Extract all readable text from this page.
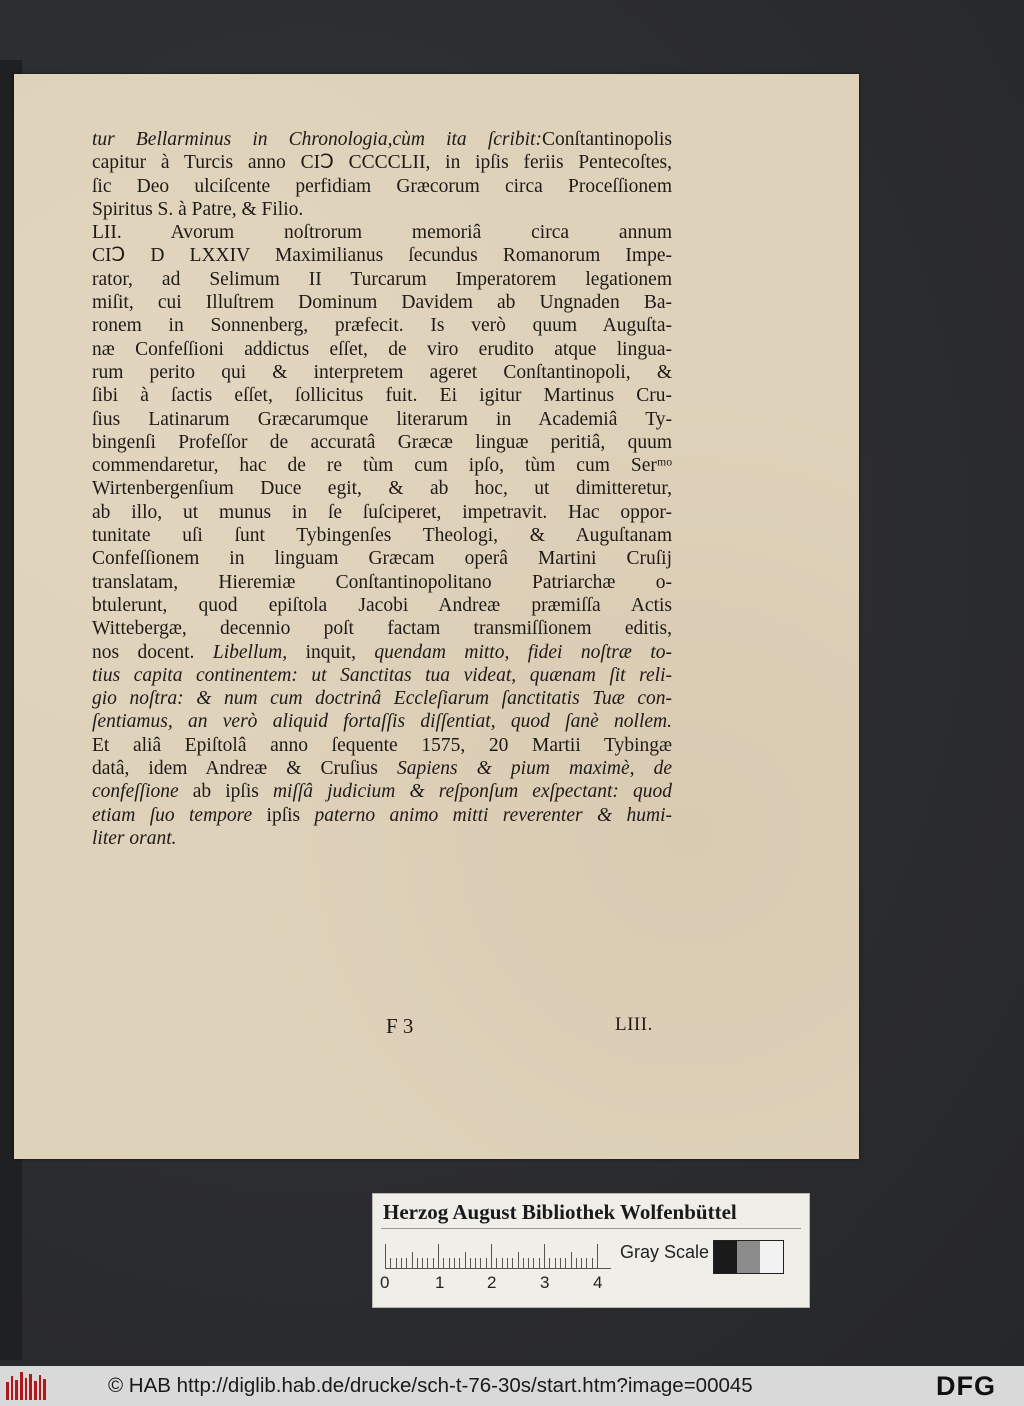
tur Bellarminus in Chronologia,cùm ita ſcribit:Conſtantinopolis
capitur à Turcis anno CIↃ CCCCLII, in ipſis feriis Pentecoſtes,
ſic Deo ulciſcente perfidiam Græcorum circa Proceſſionem
Spiritus S. à Patre, & Filio.
LII. Avorum noſtrorum memoriâ circa annum
CIↃ D LXXIV Maximilianus ſecundus Romanorum Impe-
rator, ad Selimum II Turcarum Imperatorem legationem
miſit, cui Illuſtrem Dominum Davidem ab Ungnaden Ba-
ronem in Sonnenberg, præfecit. Is verò quum Auguſta-
næ Confeſſioni addictus eſſet, de viro erudito atque lingua-
rum perito qui & interpretem ageret Conſtantinopoli, &
ſibi à ſactis eſſet, ſollicitus fuit. Ei igitur Martinus Cru-
ſius Latinarum Græcarumque literarum in Academiâ Ty-
bingenſi Profeſſor de accuratâ Græcæ linguæ peritiâ, quum
commendaretur, hac de re tùm cum ipſo, tùm cum Serᵐᵒ
Wirtenbergenſium Duce egit, & ab hoc, ut dimitteretur,
ab illo, ut munus in ſe ſuſciperet, impetravit. Hac oppor-
tunitate uſi ſunt Tybingenſes Theologi, & Auguſtanam
Confeſſionem in linguam Græcam operâ Martini Cruſij
translatam, Hieremiæ Conſtantinopolitano Patriarchæ o-
btulerunt, quod epiſtola Jacobi Andreæ præmiſſa Actis
Wittebergæ, decennio poſt factam transmiſſionem editis,
nos docent. Libellum, inquit, quendam mitto, fidei noſtræ to-
tius capita continentem: ut Sanctitas tua videat, quænam ſit reli-
gio noſtra: & num cum doctrinâ Eccleſiarum ſanctitatis Tuæ con-
ſentiamus, an verò aliquid fortaſſis diſſentiat, quod ſanè nollem.
Et aliâ Epiſtolâ anno ſequente 1575, 20 Martii Tybingæ
datâ, idem Andreæ & Cruſius Sapiens & pium maximè, de
confeſſione ab ipſis miſſâ judicium & reſponſum exſpectant: quod
etiam ſuo tempore ipſis paterno animo mitti reverenter & humi-
liter orant.
F 3	LIII.
Herzog August Bibliothek Wolfenbüttel
0	1	2	3	4
Gray Scale
© HAB http://diglib.hab.de/drucke/sch-t-76-30s/start.htm?image=00045	DFG
